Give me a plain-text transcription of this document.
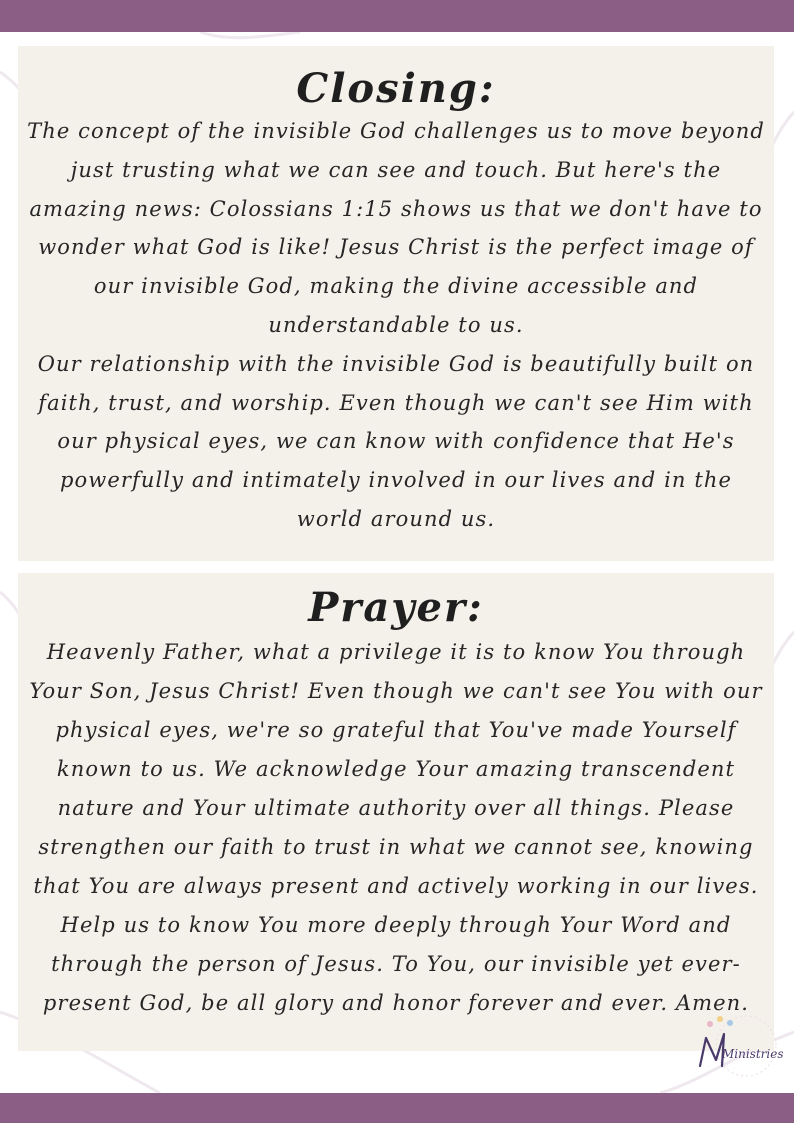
Closing:

The concept of the invisible God challenges us to move beyond
just trusting what we can see and touch. But here's the
amazing news: Colossians 1:15 shows us that we don't have to
wonder what God is like! Jesus Christ is the perfect image of
our invisible God, making the divine accessible and
understandable to us.
Our relationship with the invisible God is beautifully built on
faith, trust, and worship. Even though we can't see Him with
our physical eyes, we can know with confidence that He's
powerfully and intimately involved in our lives and in the
world around us.

Prayer:

Heavenly Father, what a privilege it is to know You through
Your Son, Jesus Christ! Even though we can't see You with our
physical eyes, we're so grateful that You've made Yourself
known to us. We acknowledge Your amazing transcendent
nature and Your ultimate authority over all things. Please
strengthen our faith to trust in what we cannot see, knowing
that You are always present and actively working in our lives.
Help us to know You more deeply through Your Word and
through the person of Jesus. To You, our invisible yet ever-
present God, be all glory and honor forever and ever. Amen.

Ministries
